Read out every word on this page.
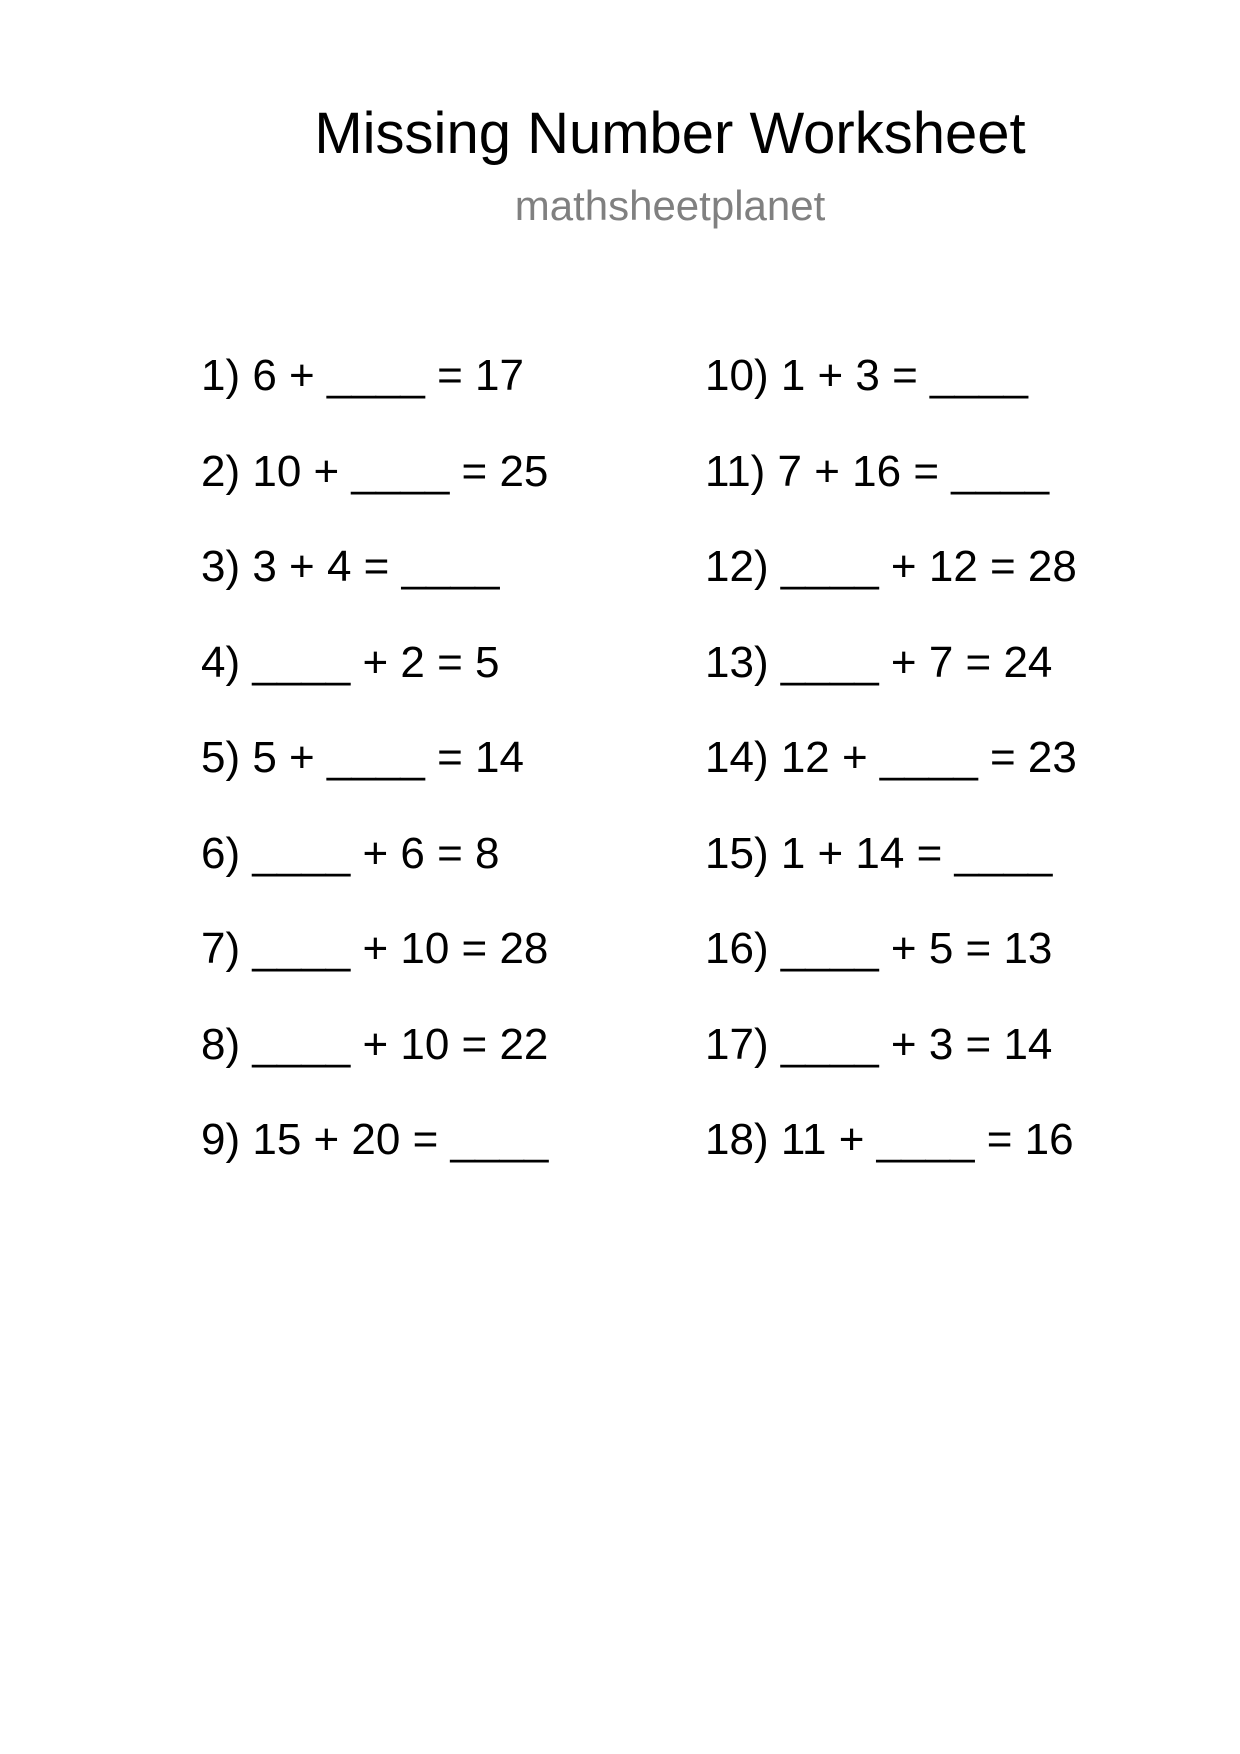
Missing Number Worksheet
mathsheetplanet
1) 6 + ____ = 17
2) 10 + ____ = 25
3) 3 + 4 = ____
4) ____ + 2 = 5
5) 5 + ____ = 14
6) ____ + 6 = 8
7) ____ + 10 = 28
8) ____ + 10 = 22
9) 15 + 20 = ____
10) 1 + 3 = ____
11) 7 + 16 = ____
12) ____ + 12 = 28
13) ____ + 7 = 24
14) 12 + ____ = 23
15) 1 + 14 = ____
16) ____ + 5 = 13
17) ____ + 3 = 14
18) 11 + ____ = 16
